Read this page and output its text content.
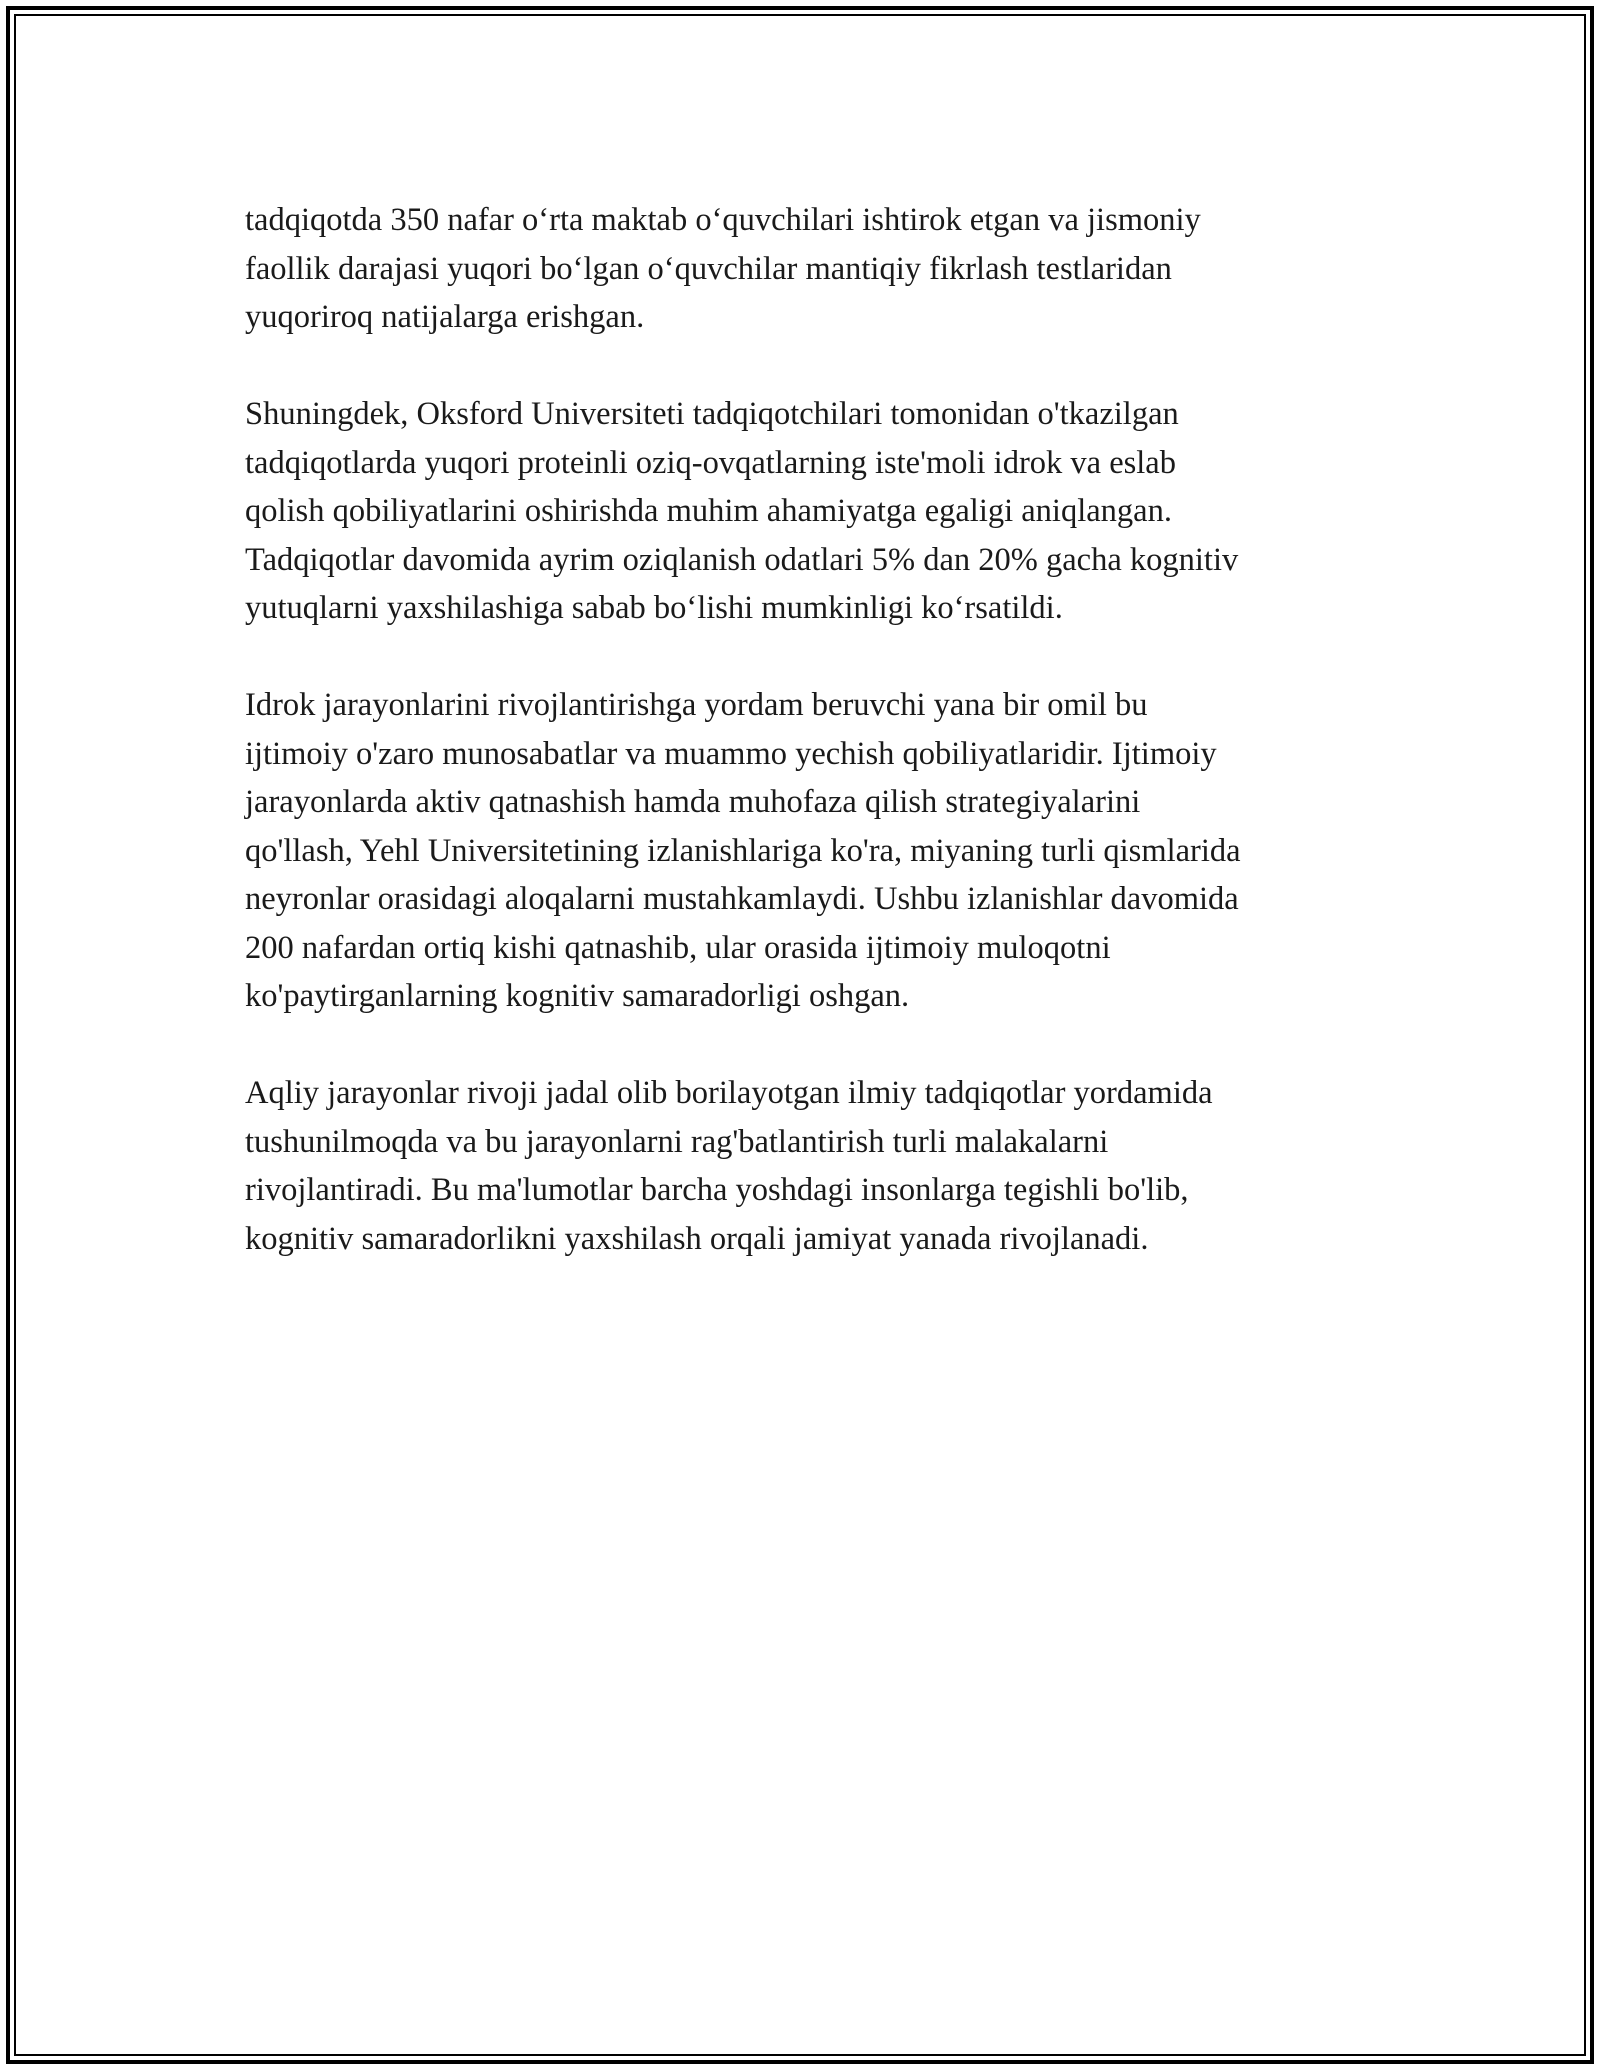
tadqiqotda 350 nafar oʻrta maktab oʻquvchilari ishtirok etgan va jismoniy
faollik darajasi yuqori boʻlgan oʻquvchilar mantiqiy fikrlash testlaridan
yuqoriroq natijalarga erishgan.

Shuningdek, Oksford Universiteti tadqiqotchilari tomonidan o'tkazilgan
tadqiqotlarda yuqori proteinli oziq-ovqatlarning iste'moli idrok va eslab
qolish qobiliyatlarini oshirishda muhim ahamiyatga egaligi aniqlangan.
Tadqiqotlar davomida ayrim oziqlanish odatlari 5% dan 20% gacha kognitiv
yutuqlarni yaxshilashiga sabab boʻlishi mumkinligi koʻrsatildi.

Idrok jarayonlarini rivojlantirishga yordam beruvchi yana bir omil bu
ijtimoiy o'zaro munosabatlar va muammo yechish qobiliyatlaridir. Ijtimoiy
jarayonlarda aktiv qatnashish hamda muhofaza qilish strategiyalarini
qo'llash, Yehl Universitetining izlanishlariga ko'ra, miyaning turli qismlarida
neyronlar orasidagi aloqalarni mustahkamlaydi. Ushbu izlanishlar davomida
200 nafardan ortiq kishi qatnashib, ular orasida ijtimoiy muloqotni
ko'paytirganlarning kognitiv samaradorligi oshgan.

Aqliy jarayonlar rivoji jadal olib borilayotgan ilmiy tadqiqotlar yordamida
tushunilmoqda va bu jarayonlarni rag'batlantirish turli malakalarni
rivojlantiradi. Bu ma'lumotlar barcha yoshdagi insonlarga tegishli bo'lib,
kognitiv samaradorlikni yaxshilash orqali jamiyat yanada rivojlanadi.
